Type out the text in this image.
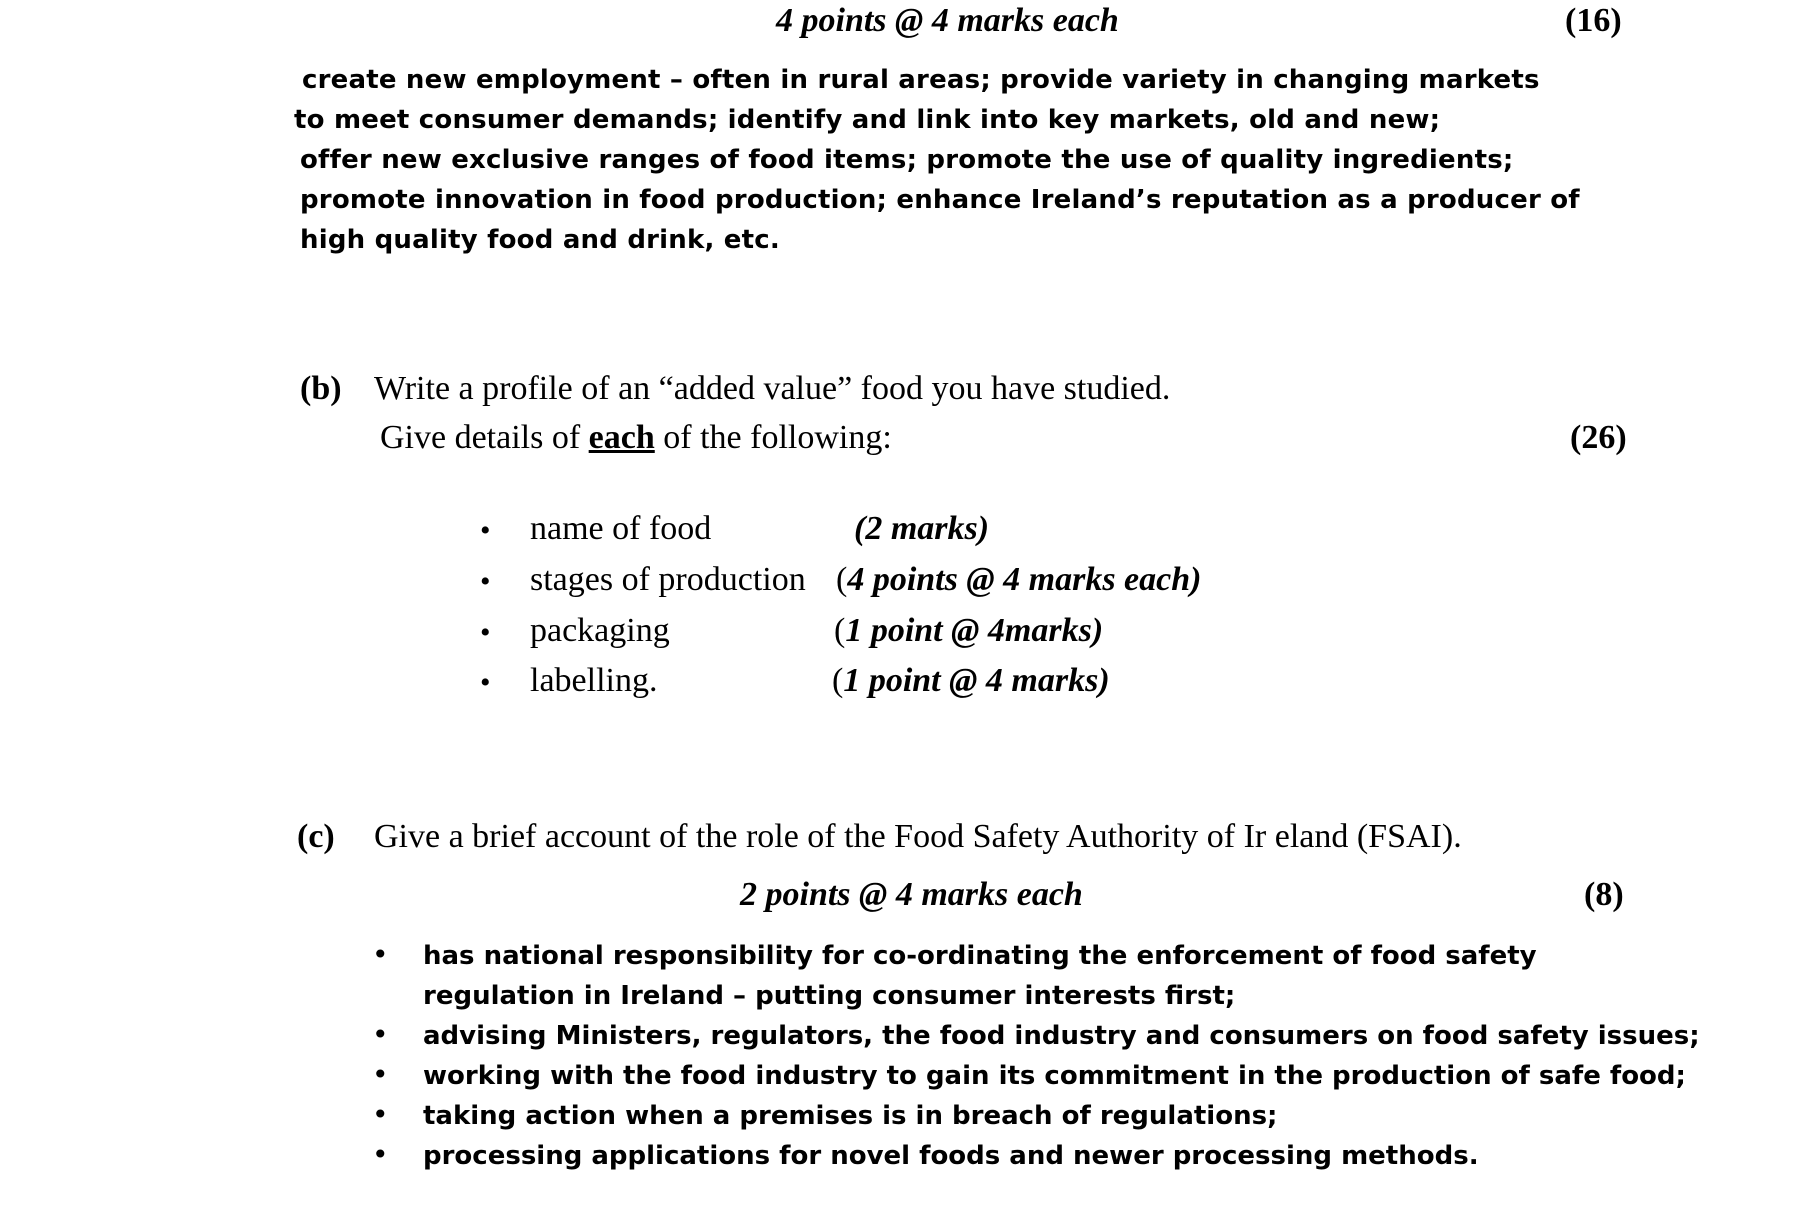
4 points @ 4 marks each	(16)
create new employment – often in rural areas; provide variety in changing markets
to meet consumer demands; identify and link into key markets, old and new;
offer new exclusive ranges of food items; promote the use of quality ingredients;
promote innovation in food production; enhance Ireland’s reputation as a producer of
high quality food and drink, etc.
(b) Write a profile of an “added value” food you have studied.
Give details of each of the following:	(26)
• name of food	(2 marks)
• stages of production (4 points @ 4 marks each)
• packaging	(1 point @ 4marks)
• labelling.	(1 point @ 4 marks)
(c) Give a brief account of the role of the Food Safety Authority of Ir eland (FSAI).
2 points @ 4 marks each	(8)
• has national responsibility for co-ordinating the enforcement of food safety
regulation in Ireland – putting consumer interests first;
• advising Ministers, regulators, the food industry and consumers on food safety issues;
• working with the food industry to gain its commitment in the production of safe food;
• taking action when a premises is in breach of regulations;
• processing applications for novel foods and newer processing methods.
